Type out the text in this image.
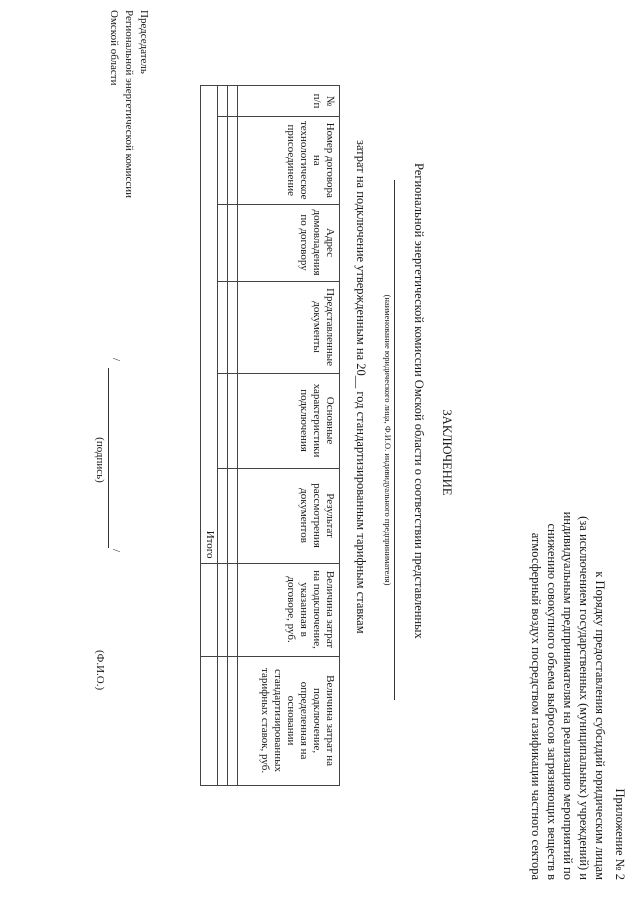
Приложение № 2
к Порядку предоставления субсидий юридическим лицам
(за исключением государственных (муниципальных) учреждений) и
индивидуальным предпринимателям на реализацию мероприятий по
снижению совокупного объема выбросов загрязняющих веществ в
атмосферный воздух посредством газификации частного сектора
ЗАКЛЮЧЕНИЕ
Региональной энергетической комиссии Омской области о соответствии представленных
(наименование юридического лица, Ф.И.О. индивидуального предпринимателя)
затрат на подключение утвержденным на 20__ год стандартизированным тарифным ставкам
№ п/п	Номер договора на технологическое присоединение	Адрес домовладения по договору	Представленные документы	Основные характеристики подключения	Результат рассмотрения документов	Величина затрат на подключение, указанная в договоре, руб.	Величина затрат на подключение, определенная на основании стандартизированных тарифных ставок, руб.

Итого							
Председатель
Региональной энергетической комиссии
Омской области
/
/
(подпись)
(Ф.И.О.)
